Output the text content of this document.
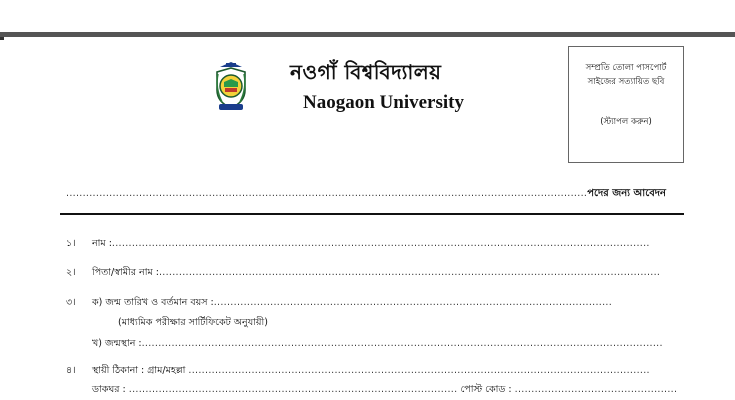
নওগাঁ বিশ্ববিদ্যালয়
Naogaon University
সম্প্রতি তোলা পাসপোর্ট
সাইজের সত্যায়িত ছবি
(স্ট্যাপল করুন)
.............................................................................................................................................................পদের জন্য আবেদন
১। নাম :..................................................................................................................................................................
২। পিতা/স্বামীর নাম :.......................................................................................................................................................
৩। ক) জন্ম তারিখ ও বর্তমান বয়স :........................................................................................................................
(মাধ্যমিক পরীক্ষার সার্টিফিকেট অনুযায়ী)
খ) জন্মস্থান :.............................................................................................................................................................
৪। স্থায়ী ঠিকানা : গ্রাম/মহল্লা ...........................................................................................................................................
ডাকঘর : ................................................................................................... পোস্ট কোড : .................................................
